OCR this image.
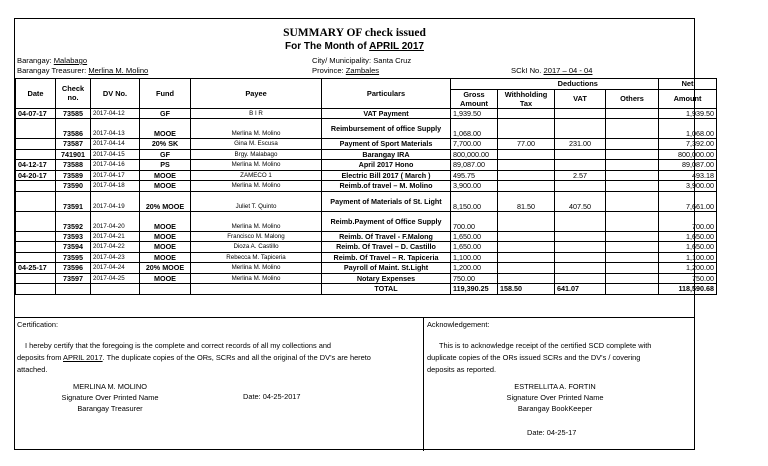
SUMMARY OF check issued
For The Month of APRIL 2017
Barangay: Malabago
Barangay Treasurer: Merlina M. Molino
City/ Municipality: Santa Cruz
Province: Zambales	SCkI No. 2017 – 04 - 04
Date	Check no.	DV No.	Fund	Payee	Particulars		Deductions			Net
						Gross Amount	Withholding Tax	VAT	Others	Amount
04-07-17	73585	2017-04-12	GF	B I R	VAT Payment	1,939.50				1,939.50
	73586	2017-04-13	MOOE	Merlina M. Molino	Reimbursement of office Supply	1,068.00				1,068.00
	73587	2017-04-14	20% SK	Gina M. Escusa	Payment of Sport Materials	7,700.00	77.00	231.00		7,392.00
	741901	2017-04-15	GF	Brgy. Malabago	Barangay IRA	800,000.00				800,000.00
04-12-17	73588	2017-04-16	PS	Merlina M. Molino	April 2017 Hono	89,087.00				89,087.00
04-20-17	73589	2017-04-17	MOOE	ZAMECO 1	Electric Bill 2017 ( March )	495.75		2.57		493.18
	73590	2017-04-18	MOOE	Merlina M. Molino	Reimb.of travel – M. Molino	3,900.00				3,900.00
	73591	2017-04-19	20% MOOE	Juliet T. Quinto	Payment of Materials of St. Light	8,150.00	81.50	407.50		7,661.00
	73592	2017-04-20	MOOE	Merlina M. Molino	Reimb.Payment of Office Supply	700.00				700.00
	73593	2017-04-21	MOOE	Francisco M. Malong	Reimb. Of Travel - F.Malong	1,650.00				1,650.00
	73594	2017-04-22	MOOE	Dioza A. Castillo	Reimb. Of Travel – D. Castillo	1,650.00				1,650.00
	73595	2017-04-23	MOOE	Rebecca M. Tapiceria	Reimb. Of Travel – R. Tapiceria	1,100.00				1,100.00
04-25-17	73596	2017-04-24	20% MOOE	Merlina M. Molino	Payroll of Maint. St.Light	1,200.00				1,200.00
	73597	2017-04-25	MOOE	Merlina M. Molino	Notary Expenses	750.00				750.00
					TOTAL	119,390.25	158.50	641.07		118,590.68
Certification:
I hereby certify that the foregoing is the complete and correct records of all my collections and
deposits from APRIL 2017. The duplicate copies of the ORs, SCRs and all the original of the DV's are hereto
attached.
MERLINA M. MOLINO
Signature Over Printed Name
Barangay Treasurer
Date: 04-25-2017
Acknowledgement:
This is to acknowledge receipt of the certified SCD complete with
duplicate copies of the ORs issued SCRs and the DV's / covering
deposits as reported.
ESTRELLITA A. FORTIN
Signature Over Printed Name
Barangay BookKeeper
Date: 04-25-17
